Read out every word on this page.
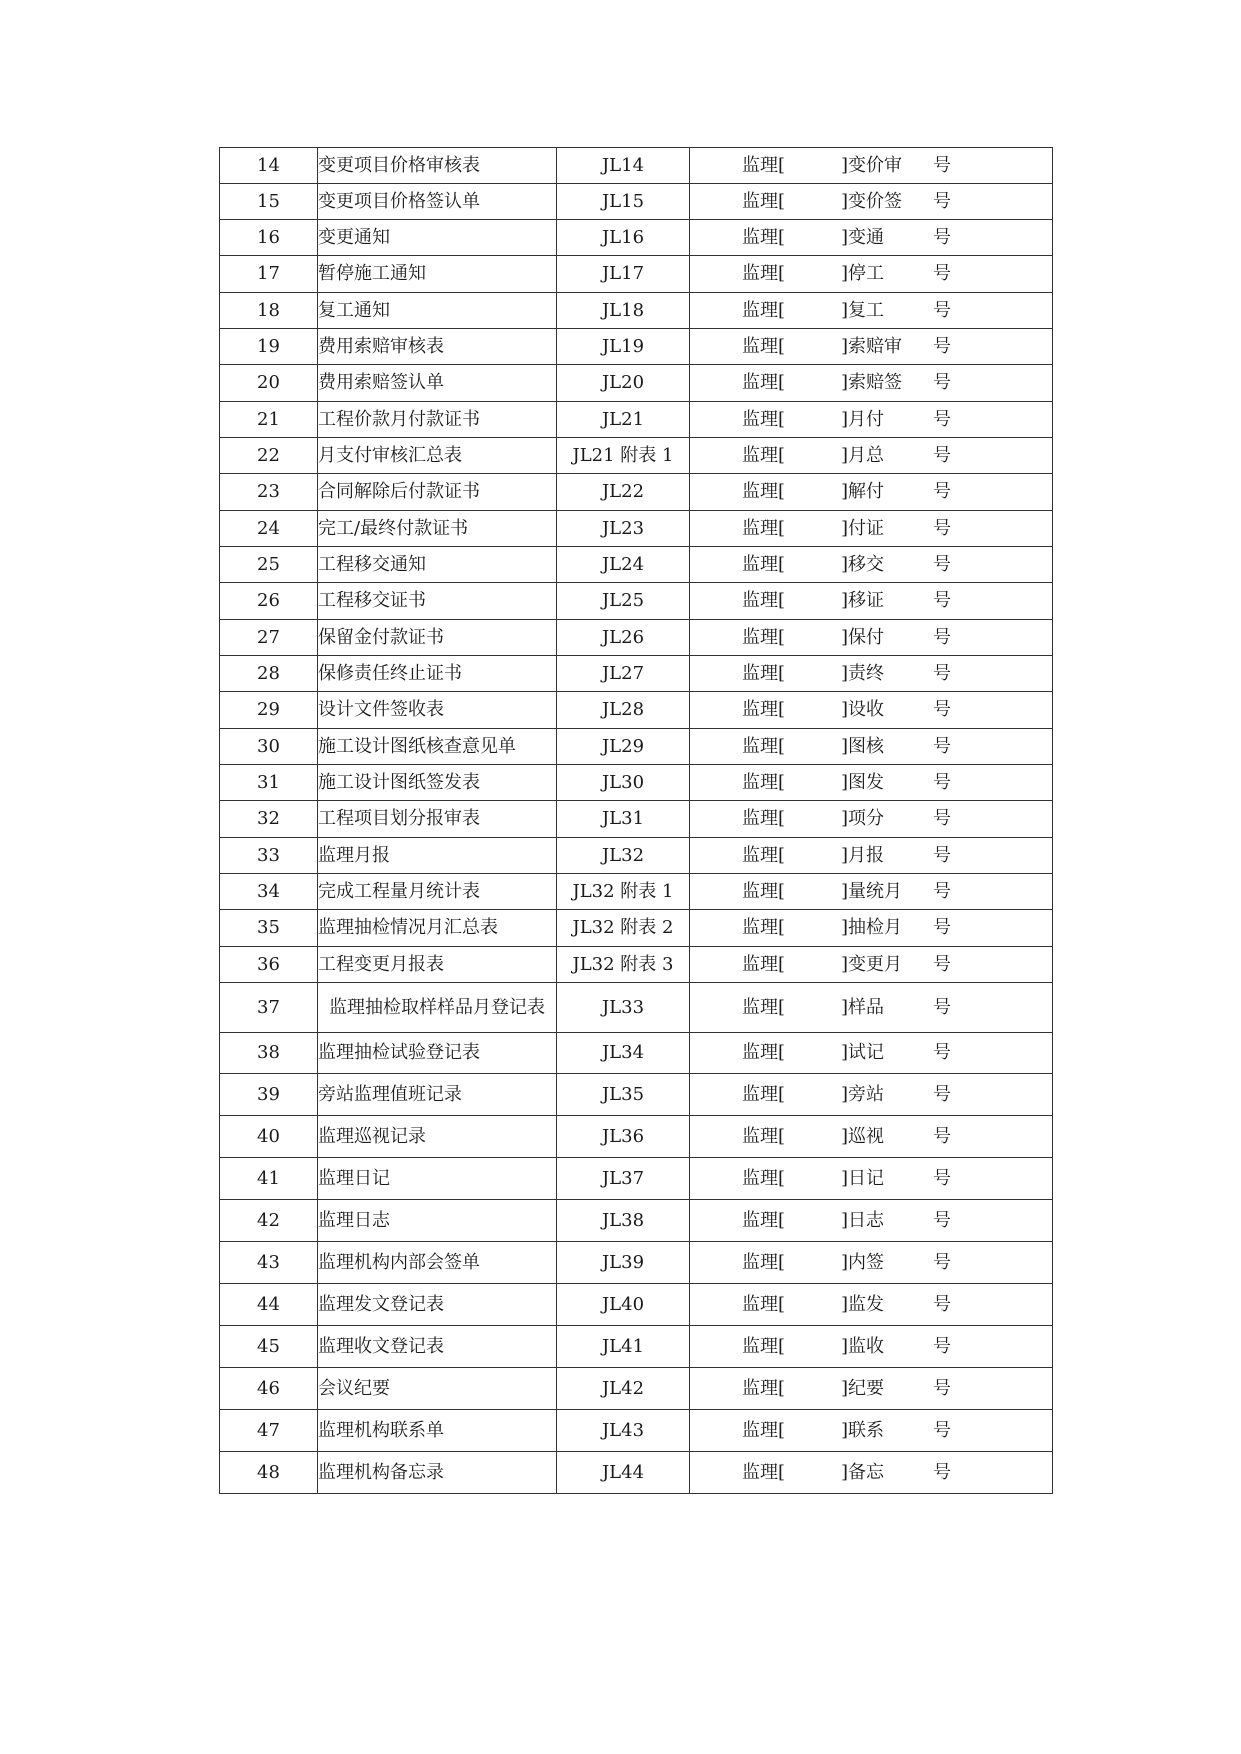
14	变更项目价格审核表	JL14	监理[ ]变价审 号

15	变更项目价格签认单	JL15	监理[ ]变价签 号

16	变更通知	JL16	监理[ ]变通 号

17	暂停施工通知	JL17	监理[ ]停工 号

18	复工通知	JL18	监理[ ]复工 号

19	费用索赔审核表	JL19	监理[ ]索赔审 号

20	费用索赔签认单	JL20	监理[ ]索赔签 号

21	工程价款月付款证书	JL21	监理[ ]月付 号

22	月支付审核汇总表	JL21 附表 1	监理[ ]月总 号

23	合同解除后付款证书	JL22	监理[ ]解付 号

24	完工/最终付款证书	JL23	监理[ ]付证 号

25	工程移交通知	JL24	监理[ ]移交 号

26	工程移交证书	JL25	监理[ ]移证 号

27	保留金付款证书	JL26	监理[ ]保付 号

28	保修责任终止证书	JL27	监理[ ]责终 号

29	设计文件签收表	JL28	监理[ ]设收 号

30	施工设计图纸核查意见单	JL29	监理[ ]图核 号

31	施工设计图纸签发表	JL30	监理[ ]图发 号

32	工程项目划分报审表	JL31	监理[ ]项分 号

33	监理月报	JL32	监理[ ]月报 号

34	完成工程量月统计表	JL32 附表 1	监理[ ]量统月 号

35	监理抽检情况月汇总表	JL32 附表 2	监理[ ]抽检月 号

36	工程变更月报表	JL32 附表 3	监理[ ]变更月 号

37	监理抽检取样样品月登记表	JL33	监理[ ]样品 号

38	监理抽检试验登记表	JL34	监理[ ]试记 号

39	旁站监理值班记录	JL35	监理[ ]旁站 号

40	监理巡视记录	JL36	监理[ ]巡视 号

41	监理日记	JL37	监理[ ]日记 号

42	监理日志	JL38	监理[ ]日志 号

43	监理机构内部会签单	JL39	监理[ ]内签 号

44	监理发文登记表	JL40	监理[ ]监发 号

45	监理收文登记表	JL41	监理[ ]监收 号

46	会议纪要	JL42	监理[ ]纪要 号

47	监理机构联系单	JL43	监理[ ]联系 号

48	监理机构备忘录	JL44	监理[ ]备忘 号
